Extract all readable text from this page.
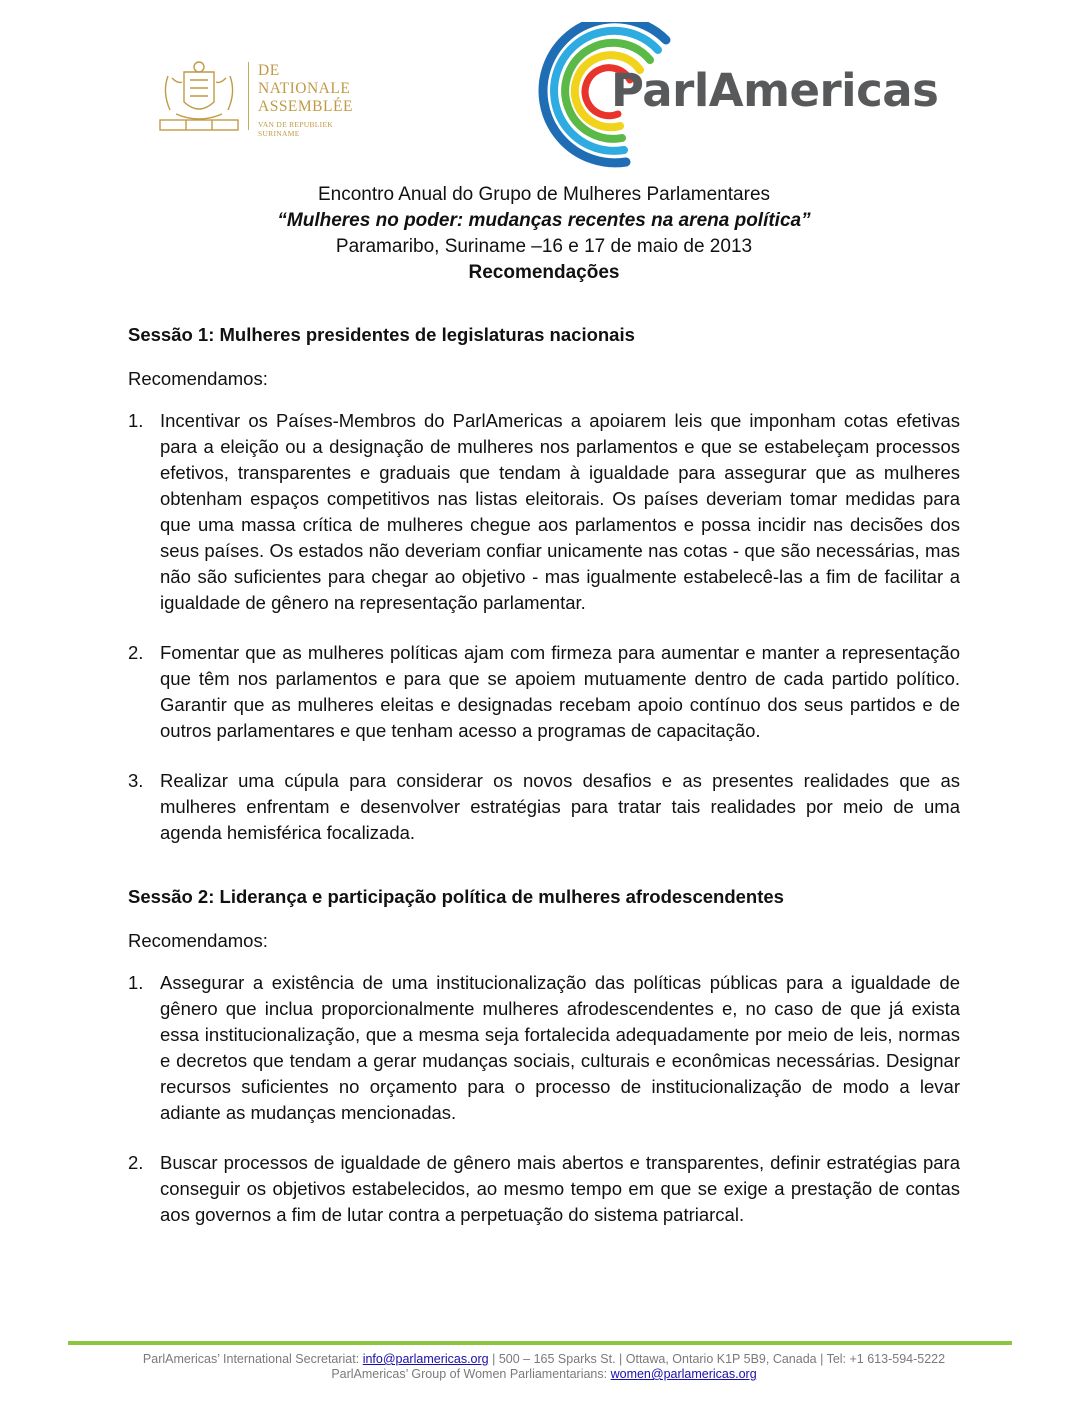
DE
NATIONALE
ASSEMBLÉE
VAN DE REPUBLIEK SURINAME
ParlAmericas
Encontro Anual do Grupo de Mulheres Parlamentares
“Mulheres no poder: mudanças recentes na arena política”
Paramaribo, Suriname –16 e 17 de maio de 2013
Recomendações
Sessão 1: Mulheres presidentes de legislaturas nacionais
Recomendamos:
1. Incentivar os Países-Membros do ParlAmericas a apoiarem leis que imponham cotas efetivas para a eleição ou a designação de mulheres nos parlamentos e que se estabeleçam processos efetivos, transparentes e graduais que tendam à igualdade para assegurar que as mulheres obtenham espaços competitivos nas listas eleitorais. Os países deveriam tomar medidas para que uma massa crítica de mulheres chegue aos parlamentos e possa incidir nas decisões dos seus países. Os estados não deveriam confiar unicamente nas cotas - que são necessárias, mas não são suficientes para chegar ao objetivo - mas igualmente estabelecê-las a fim de facilitar a igualdade de gênero na representação parlamentar.
2. Fomentar que as mulheres políticas ajam com firmeza para aumentar e manter a representação que têm nos parlamentos e para que se apoiem mutuamente dentro de cada partido político. Garantir que as mulheres eleitas e designadas recebam apoio contínuo dos seus partidos e de outros parlamentares e que tenham acesso a programas de capacitação.
3. Realizar uma cúpula para considerar os novos desafios e as presentes realidades que as mulheres enfrentam e desenvolver estratégias para tratar tais realidades por meio de uma agenda hemisférica focalizada.
Sessão 2: Liderança e participação política de mulheres afrodescendentes
Recomendamos:
1. Assegurar a existência de uma institucionalização das políticas públicas para a igualdade de gênero que inclua proporcionalmente mulheres afrodescendentes e, no caso de que já exista essa institucionalização, que a mesma seja fortalecida adequadamente por meio de leis, normas e decretos que tendam a gerar mudanças sociais, culturais e econômicas necessárias. Designar recursos suficientes no orçamento para o processo de institucionalização de modo a levar adiante as mudanças mencionadas.
2. Buscar processos de igualdade de gênero mais abertos e transparentes, definir estratégias para conseguir os objetivos estabelecidos, ao mesmo tempo em que se exige a prestação de contas aos governos a fim de lutar contra a perpetuação do sistema patriarcal.
ParlAmericas’ International Secretariat: info@parlamericas.org | 500 – 165 Sparks St. | Ottawa, Ontario K1P 5B9, Canada | Tel: +1 613-594-5222
ParlAmericas’ Group of Women Parliamentarians: women@parlamericas.org
